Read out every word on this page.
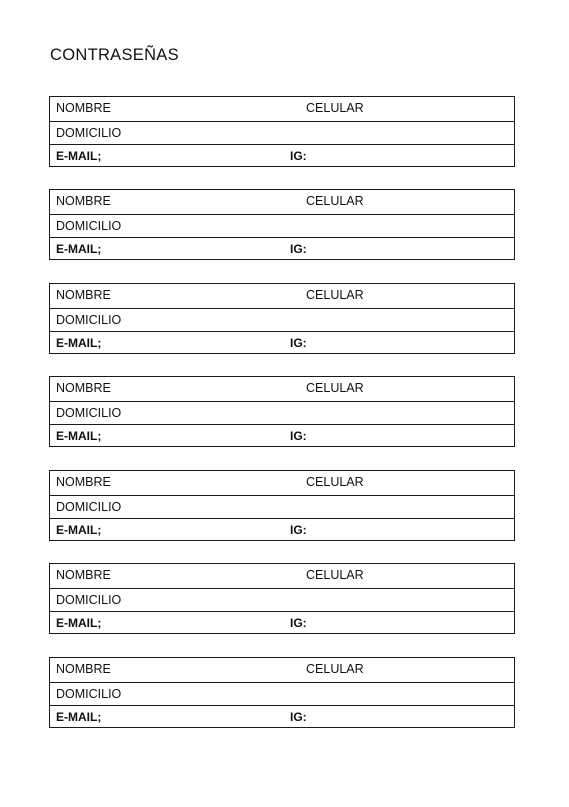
CONTRASEÑAS
NOMBRE	CELULAR
DOMICILIO
E-MAIL;	IG:
NOMBRE	CELULAR
DOMICILIO
E-MAIL;	IG:
NOMBRE	CELULAR
DOMICILIO
E-MAIL;	IG:
NOMBRE	CELULAR
DOMICILIO
E-MAIL;	IG:
NOMBRE	CELULAR
DOMICILIO
E-MAIL;	IG:
NOMBRE	CELULAR
DOMICILIO
E-MAIL;	IG:
NOMBRE	CELULAR
DOMICILIO
E-MAIL;	IG:
